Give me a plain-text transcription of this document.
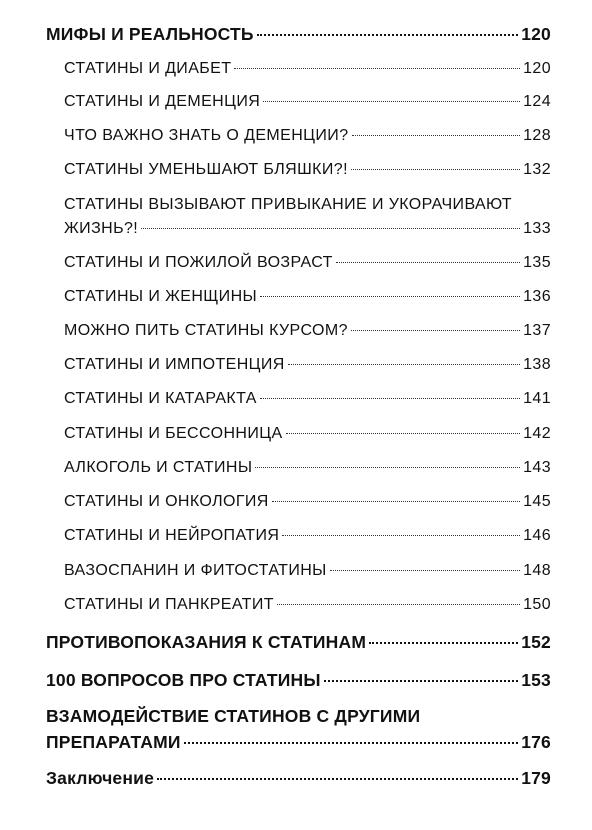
МИФЫ И РЕАЛЬНОСТЬ	120
СТАТИНЫ И ДИАБЕТ	120
СТАТИНЫ И ДЕМЕНЦИЯ	124
ЧТО ВАЖНО ЗНАТЬ О ДЕМЕНЦИИ?	128
СТАТИНЫ УМЕНЬШАЮТ БЛЯШКИ?!	132
СТАТИНЫ ВЫЗЫВАЮТ ПРИВЫКАНИЕ И УКОРАЧИВАЮТ
ЖИЗНЬ?!	133
СТАТИНЫ И ПОЖИЛОЙ ВОЗРАСТ	135
СТАТИНЫ И ЖЕНЩИНЫ	136
МОЖНО ПИТЬ СТАТИНЫ КУРСОМ?	137
СТАТИНЫ И ИМПОТЕНЦИЯ	138
СТАТИНЫ И КАТАРАКТА	141
СТАТИНЫ И БЕССОННИЦА	142
АЛКОГОЛЬ И СТАТИНЫ	143
СТАТИНЫ И ОНКОЛОГИЯ	145
СТАТИНЫ И НЕЙРОПАТИЯ	146
ВАЗОСПАНИН И ФИТОСТАТИНЫ	148
СТАТИНЫ И ПАНКРЕАТИТ	150
ПРОТИВОПОКАЗАНИЯ К СТАТИНАМ	152
100 ВОПРОСОВ ПРО СТАТИНЫ	153
ВЗАМОДЕЙСТВИЕ СТАТИНОВ С ДРУГИМИ
ПРЕПАРАТАМИ	176
Заключение	179
